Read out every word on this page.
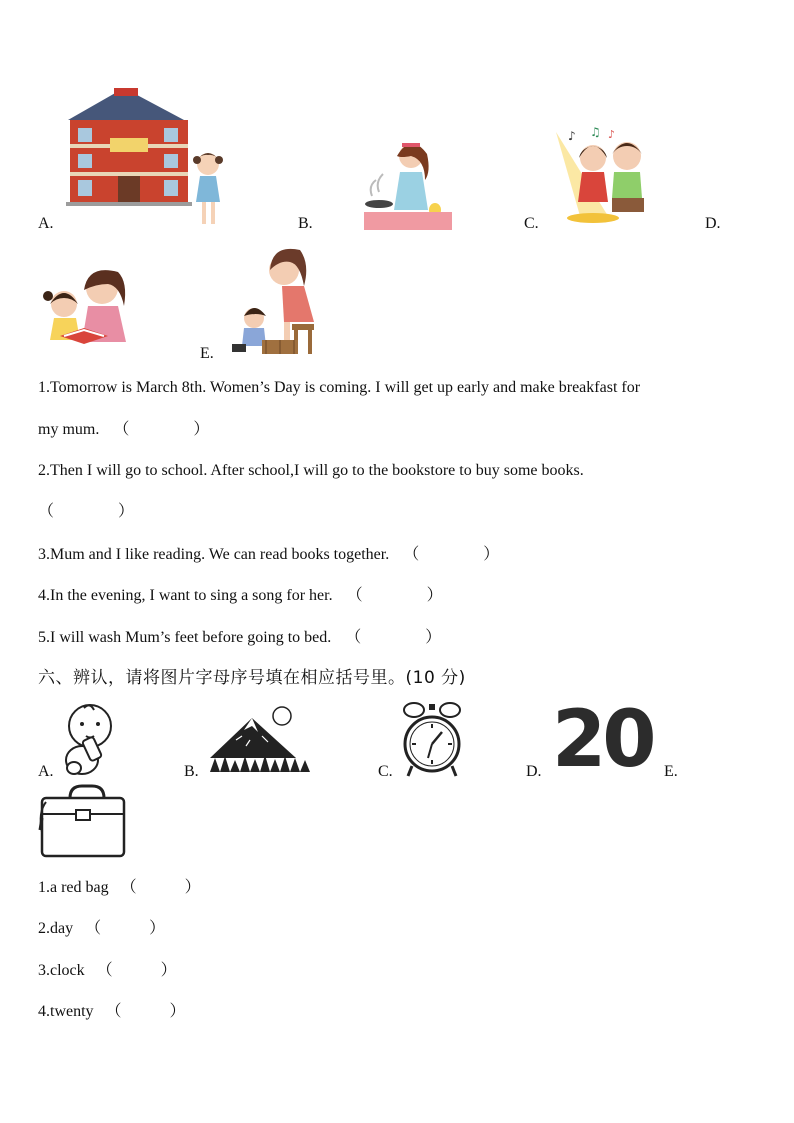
♪ ♫ ♪
A.	B.	C.	D.
E.
1.Tomorrow is March 8th. Women’s Day is coming. I will get up early and make breakfast for
my mum. （　　　　）
2.Then I will go to school. After school,I will go to the bookstore to buy some books.
（　　　　）
3.Mum and I like reading. We can read books together. （　　　　）
4.In the evening, I want to sing a song for her. （　　　　）
5.I will wash Mum’s feet before going to bed. （　　　　）
六、辨认，请将图片字母序号填在相应括号里。(10 分)
20
A.	B.	C.	D.	E.
1.a red bag （　　　）
2.day （　　　）
3.clock （　　　）
4.twenty （　　　）
